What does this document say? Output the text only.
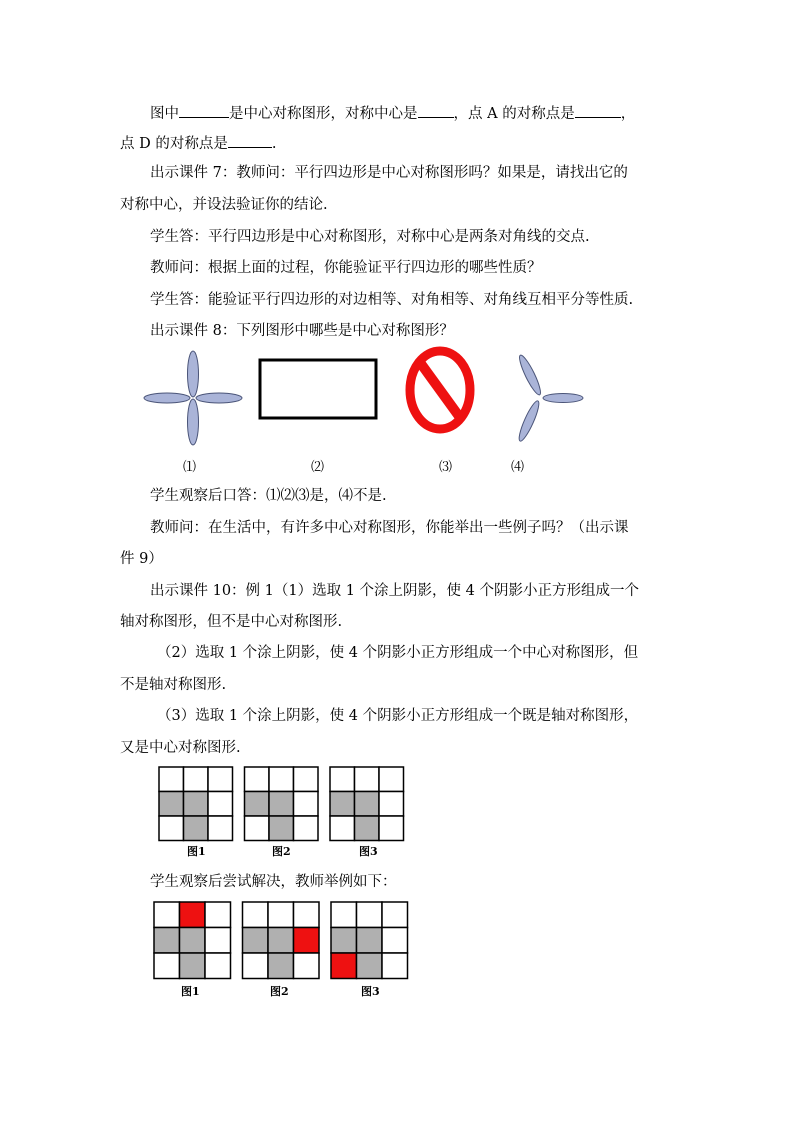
图中	是中心对称图形，对称中心是 ，点 A 的对称点是	，
点 D 的对称点是	.
出示课件 7：教师问：平行四边形是中心对称图形吗？如果是，请找出它的
对称中心，并设法验证你的结论.
学生答：平行四边形是中心对称图形，对称中心是两条对角线的交点.
教师问：根据上面的过程，你能验证平行四边形的哪些性质？
学生答：能验证平行四边形的对边相等、对角相等、对角线互相平分等性质.
出示课件 8：下列图形中哪些是中心对称图形？
⑴	⑵	⑶	⑷
学生观察后口答：⑴⑵⑶是，⑷不是.
教师问：在生活中，有许多中心对称图形，你能举出一些例子吗？（出示课
件 9）
出示课件 10：例 1（1）选取 1 个涂上阴影，使 4 个阴影小正方形组成一个
轴对称图形，但不是中心对称图形.
（2）选取 1 个涂上阴影，使 4 个阴影小正方形组成一个中心对称图形，但
不是轴对称图形.
（3）选取 1 个涂上阴影，使 4 个阴影小正方形组成一个既是轴对称图形，
又是中心对称图形.
图1	图2	图3
学生观察后尝试解决，教师举例如下：
图1	图2	图3
